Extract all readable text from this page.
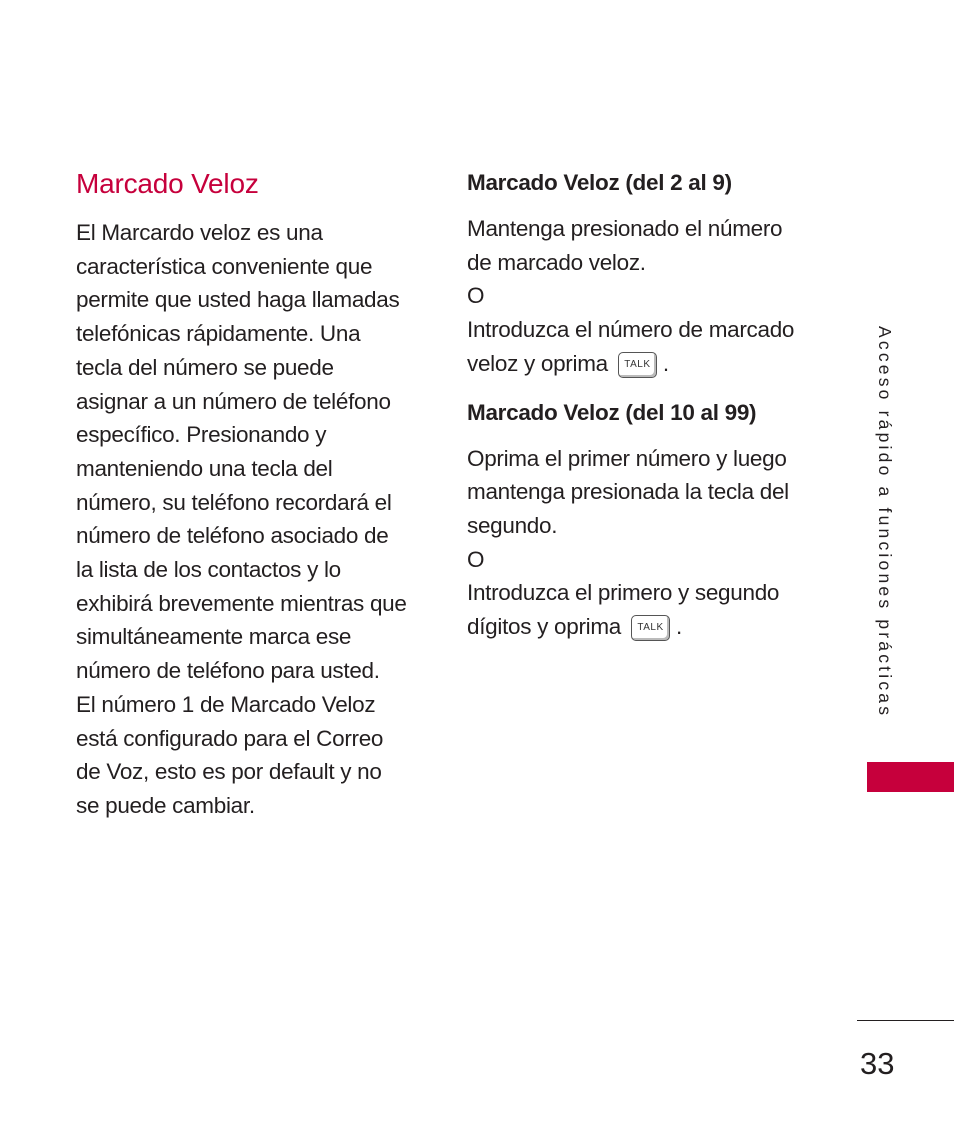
Marcado Veloz
El Marcardo veloz es una
característica conveniente que
permite que usted haga llamadas
telefónicas rápidamente. Una
tecla del número se puede
asignar a un número de teléfono
específico. Presionando y
manteniendo una tecla del
número, su teléfono recordará el
número de teléfono asociado de
la lista de los contactos y lo
exhibirá brevemente mientras que
simultáneamente marca ese
número de teléfono para usted.
El número 1 de Marcado Veloz
está configurado para el Correo
de Voz, esto es por default y no
se puede cambiar.
Marcado Veloz (del 2 al 9)
Mantenga presionado el número
de marcado veloz.
O
Introduzca el número de marcado
veloz y oprima TALK .
Marcado Veloz (del 10 al 99)
Oprima el primer número y luego
mantenga presionada la tecla del
segundo.
O
Introduzca el primero y segundo
dígitos y oprima TALK .	Acceso rápido a funciones prácticas
33
